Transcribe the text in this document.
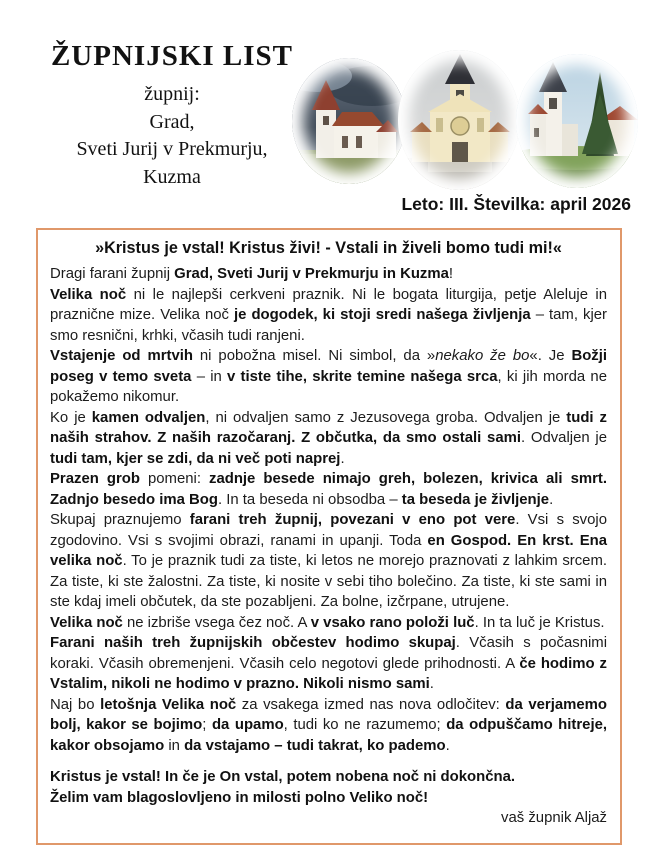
ŽUPNIJSKI LIST
župnij:
Grad,
Sveti Jurij v Prekmurju,
Kuzma
Leto: III. Številka: april 2026
»Kristus je vstal! Kristus živi! - Vstali in živeli bomo tudi mi!«

Dragi farani župnij Grad, Sveti Jurij v Prekmurju in Kuzma!

Velika noč ni le najlepši cerkveni praznik. Ni le bogata liturgija, petje Aleluje in praznične mize. Velika noč je dogodek, ki stoji sredi našega življenja – tam, kjer smo resnični, krhki, včasih tudi ranjeni.

Vstajenje od mrtvih ni pobožna misel. Ni simbol, da »nekako že bo«. Je Božji poseg v temo sveta – in v tiste tihe, skrite temine našega srca, ki jih morda ne pokažemo nikomur.

Ko je kamen odvaljen, ni odvaljen samo z Jezusovega groba. Odvaljen je tudi z naših strahov. Z naših razočaranj. Z občutka, da smo ostali sami. Odvaljen je tudi tam, kjer se zdi, da ni več poti naprej.

Prazen grob pomeni: zadnje besede nimajo greh, bolezen, krivica ali smrt. Zadnjo besedo ima Bog. In ta beseda ni obsodba – ta beseda je življenje.

Skupaj praznujemo farani treh župnij, povezani v eno pot vere. Vsi s svojo zgodovino. Vsi s svojimi obrazi, ranami in upanji. Toda en Gospod. En krst. Ena velika noč. To je praznik tudi za tiste, ki letos ne morejo praznovati z lahkim srcem. Za tiste, ki ste žalostni. Za tiste, ki nosite v sebi tiho bolečino. Za tiste, ki ste sami in ste kdaj imeli občutek, da ste pozabljeni. Za bolne, izčrpane, utrujene.

Velika noč ne izbriše vsega čez noč. A v vsako rano položi luč. In ta luč je Kristus.

Farani naših treh župnijskih občestev hodimo skupaj. Včasih s počasnimi koraki. Včasih obremenjeni. Včasih celo negotovi glede prihodnosti. A če hodimo z Vstalim, nikoli ne hodimo v prazno. Nikoli nismo sami.

Naj bo letošnja Velika noč za vsakega izmed nas nova odločitev: da verjamemo bolj, kakor se bojimo; da upamo, tudi ko ne razumemo; da odpuščamo hitreje, kakor obsojamo in da vstajamo – tudi takrat, ko pademo.

Kristus je vstal! In če je On vstal, potem nobena noč ni dokončna.

Želim vam blagoslovljeno in milosti polno Veliko noč!

vaš župnik Aljaž
